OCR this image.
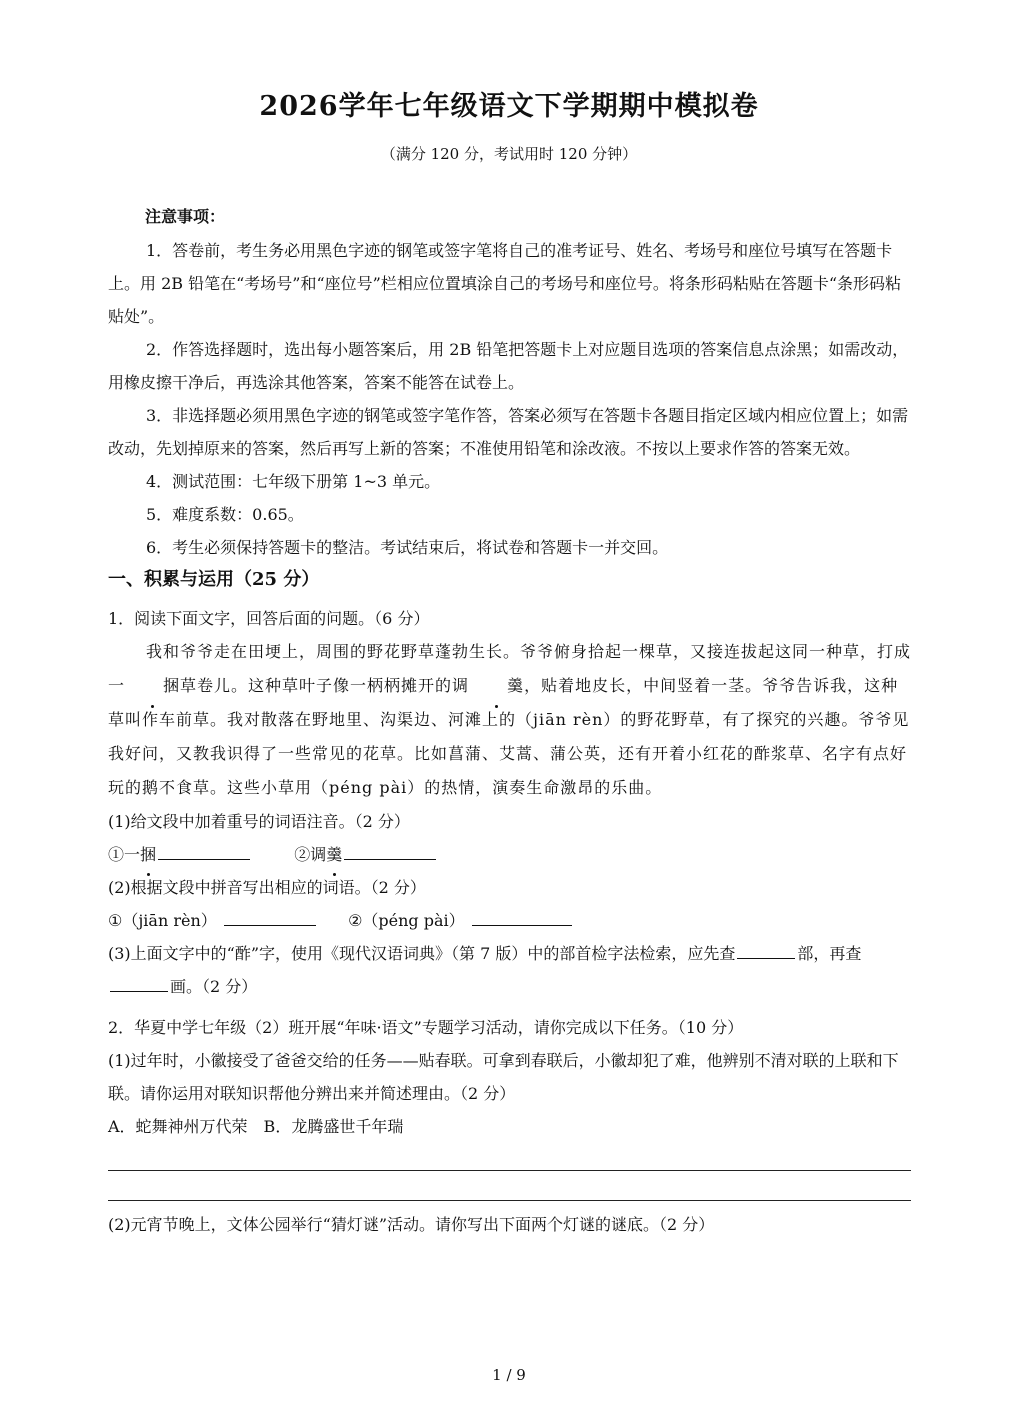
2026学年七年级语文下学期期中模拟卷
（满分 120 分，考试用时 120 分钟）
注意事项：

1．答卷前，考生务必用黑色字迹的钢笔或签字笔将自己的准考证号、姓名、考场号和座位号填写在答题卡上。用 2B 铅笔在“考场号”和“座位号”栏相应位置填涂自己的考场号和座位号。将条形码粘贴在答题卡“条形码粘贴处”。

2．作答选择题时，选出每小题答案后，用 2B 铅笔把答题卡上对应题目选项的答案信息点涂黑；如需改动，用橡皮擦干净后，再选涂其他答案，答案不能答在试卷上。

3．非选择题必须用黑色字迹的钢笔或签字笔作答，答案必须写在答题卡各题目指定区域内相应位置上；如需改动，先划掉原来的答案，然后再写上新的答案；不准使用铅笔和涂改液。不按以上要求作答的答案无效。

4．测试范围：七年级下册第 1~3 单元。

5．难度系数：0.65。

6．考生必须保持答题卡的整洁。考试结束后，将试卷和答题卡一并交回。

一、积累与运用（25 分）

1．阅读下面文字，回答后面的问题。（6 分）

我和爷爷走在田埂上，周围的野花野草蓬勃生长。爷爷俯身拾起一棵草，又接连拔起这同一种草，打成一 捆草卷儿。这种草叶子像一柄柄摊开的调 羹，贴着地皮长，中间竖着一茎。爷爷告诉我，这种草叫作车前草。我对散落在野地里、沟渠边、河滩上的（jiān rèn）的野花野草，有了探究的兴趣。爷爷见我好问，又教我识得了一些常见的花草。比如菖蒲、艾蒿、蒲公英，还有开着小红花的酢浆草、名字有点好玩的鹅不食草。这些小草用（péng pài）的热情，演奏生命激昂的乐曲。

(1)给文段中加着重号的词语注音。（2 分）

①一捆	②调羹

(2)根据文段中拼音写出相应的词语。（2 分）

①（jiān rèn）	②（péng pài）

(3)上面文字中的“酢”字，使用《现代汉语词典》（第 7 版）中的部首检字法检索，应先查	部，再查画。（2 分）

2．华夏中学七年级（2）班开展“年味·语文”专题学习活动，请你完成以下任务。（10 分）

(1)过年时，小徽接受了爸爸交给的任务——贴春联。可拿到春联后，小徽却犯了难，他辨别不清对联的上联和下联。请你运用对联知识帮他分辨出来并简述理由。（2 分）

A．蛇舞神州万代荣　B．龙腾盛世千年瑞

(2)元宵节晚上，文体公园举行“猜灯谜”活动。请你写出下面两个灯谜的谜底。（2 分）
1 / 9
